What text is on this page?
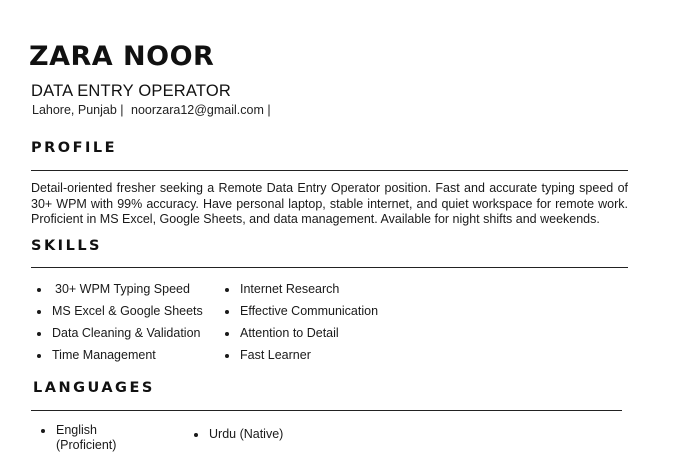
ZARA NOOR
DATA ENTRY OPERATOR
Lahore, Punjab | noorzara12@gmail.com |
PROFILE
Detail-oriented fresher seeking a Remote Data Entry Operator position. Fast and accurate typing speed of 30+ WPM with 99% accuracy. Have personal laptop, stable internet, and quiet workspace for remote work. Proficient in MS Excel, Google Sheets, and data management. Available for night shifts and weekends.
SKILLS
30+ WPM Typing Speed
MS Excel & Google Sheets
Data Cleaning & Validation
Time Management
Internet Research
Effective Communication
Attention to Detail
Fast Learner
LANGUAGES
English
(Proficient)
Urdu (Native)
